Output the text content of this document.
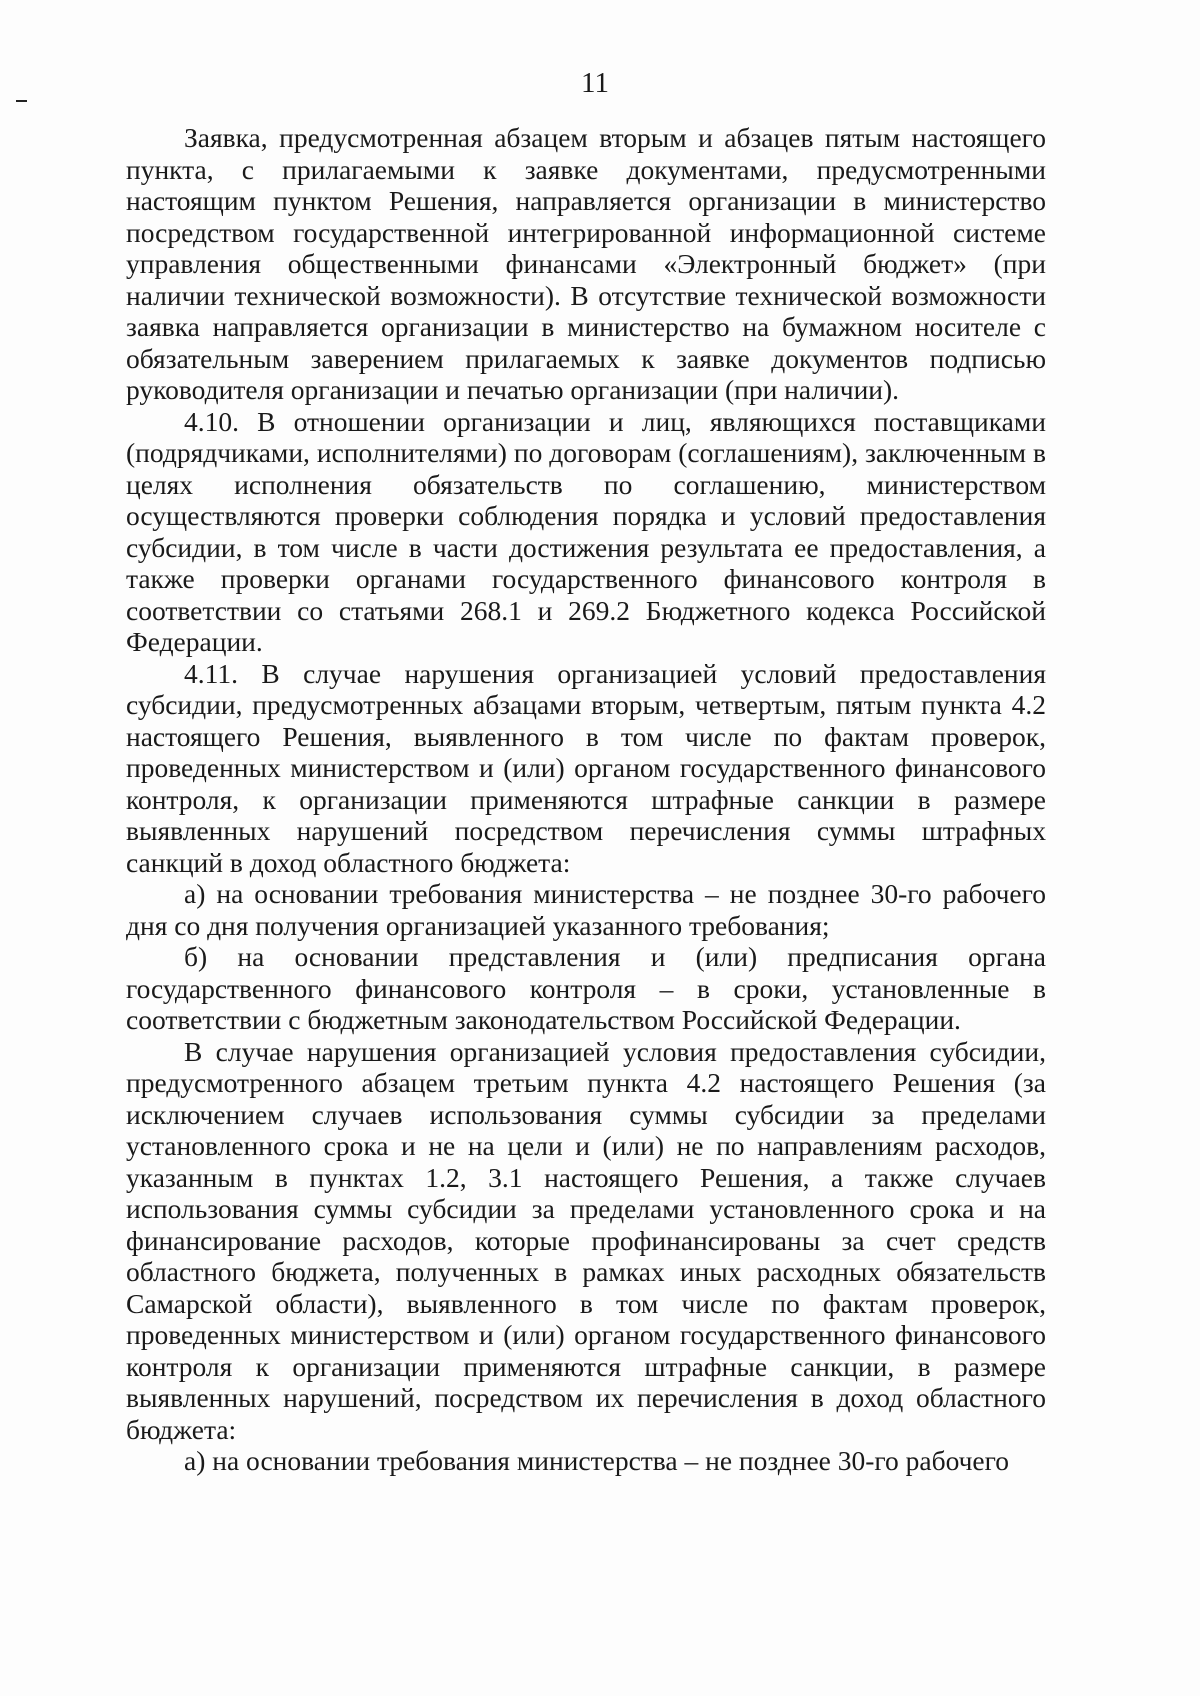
11

Заявка, предусмотренная абзацем вторым и абзацев пятым настоящего пункта, с прилагаемыми к заявке документами, предусмотренными настоящим пунктом Решения, направляется организации в министерство посредством государственной интегрированной информационной системе управления общественными финансами «Электронный бюджет» (при наличии технической возможности). В отсутствие технической возможности заявка направляется организации в министерство на бумажном носителе с обязательным заверением прилагаемых к заявке документов подписью руководителя организации и печатью организации (при наличии).

4.10. В отношении организации и лиц, являющихся поставщиками (подрядчиками, исполнителями) по договорам (соглашениям), заключенным в целях исполнения обязательств по соглашению, министерством осуществляются проверки соблюдения порядка и условий предоставления субсидии, в том числе в части достижения результата ее предоставления, а также проверки органами государственного финансового контроля в соответствии со статьями 268.1 и 269.2 Бюджетного кодекса Российской Федерации.

4.11. В случае нарушения организацией условий предоставления субсидии, предусмотренных абзацами вторым, четвертым, пятым пункта 4.2 настоящего Решения, выявленного в том числе по фактам проверок, проведенных министерством и (или) органом государственного финансового контроля, к организации применяются штрафные санкции в размере выявленных нарушений посредством перечисления суммы штрафных санкций в доход областного бюджета:

а) на основании требования министерства – не позднее 30-го рабочего дня со дня получения организацией указанного требования;

б) на основании представления и (или) предписания органа государственного финансового контроля – в сроки, установленные в соответствии с бюджетным законодательством Российской Федерации.

В случае нарушения организацией условия предоставления субсидии, предусмотренного абзацем третьим пункта 4.2 настоящего Решения (за исключением случаев использования суммы субсидии за пределами установленного срока и не на цели и (или) не по направлениям расходов, указанным в пунктах 1.2, 3.1 настоящего Решения, а также случаев использования суммы субсидии за пределами установленного срока и на финансирование расходов, которые профинансированы за счет средств областного бюджета, полученных в рамках иных расходных обязательств Самарской области), выявленного в том числе по фактам проверок, проведенных министерством и (или) органом государственного финансового контроля к организации применяются штрафные санкции, в размере выявленных нарушений, посредством их перечисления в доход областного бюджета:

а) на основании требования министерства – не позднее 30-го рабочего
